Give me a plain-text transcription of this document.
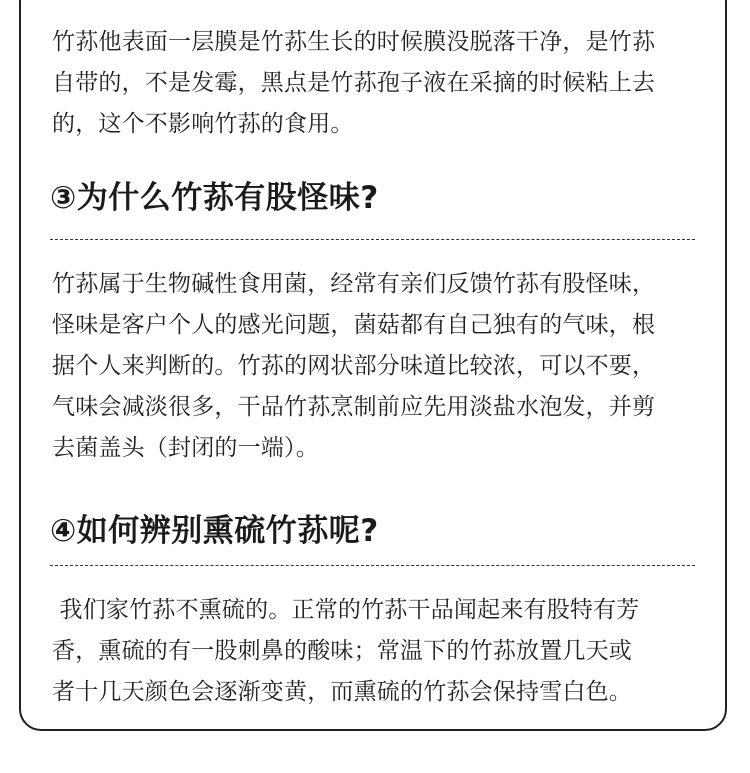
竹荪他表面一层膜是竹荪生长的时候膜没脱落干净，是竹荪
自带的，不是发霉，黑点是竹荪孢子液在采摘的时候粘上去
的，这个不影响竹荪的食用。

③为什么竹荪有股怪味?

竹荪属于生物碱性食用菌，经常有亲们反馈竹荪有股怪味，
怪味是客户个人的感光问题，菌菇都有自己独有的气味，根
据个人来判断的。竹荪的网状部分味道比较浓，可以不要，
气味会减淡很多，干品竹荪烹制前应先用淡盐水泡发，并剪
去菌盖头（封闭的一端）。

④如何辨别熏硫竹荪呢?

我们家竹荪不熏硫的。正常的竹荪干品闻起来有股特有芳
香，熏硫的有一股刺鼻的酸味；常温下的竹荪放置几天或
者十几天颜色会逐渐变黄，而熏硫的竹荪会保持雪白色。
